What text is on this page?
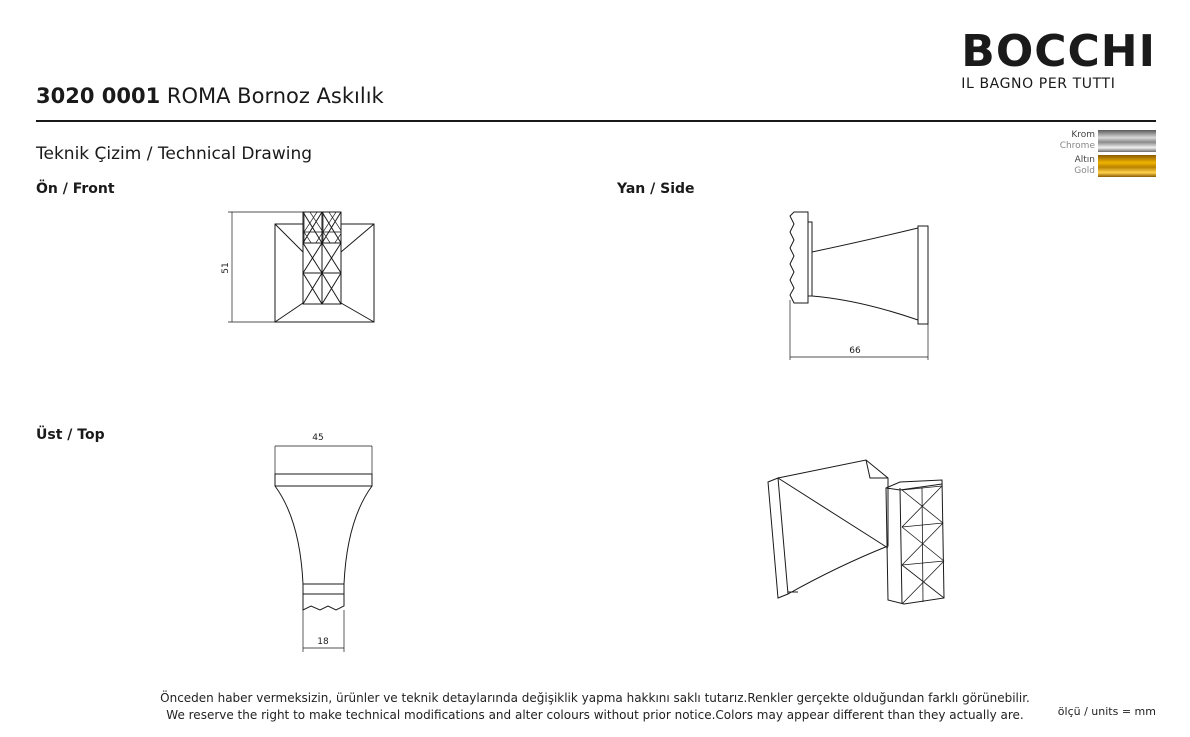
3020 0001 ROMA Bornoz Askılık
BOCCHI
IL BAGNO PER TUTTI
Teknik Çizim / Technical Drawing
Krom
Chrome
Altın
Gold
Ön / Front	Yan / Side
Üst / Top
51
66
45
18
Önceden haber vermeksizin, ürünler ve teknik detaylarında değişiklik yapma hakkını saklı tutarız.Renkler gerçekte olduğundan farklı görünebilir.
We reserve the right to make technical modifications and alter colours without prior notice.Colors may appear different than they actually are.	ölçü / units = mm
